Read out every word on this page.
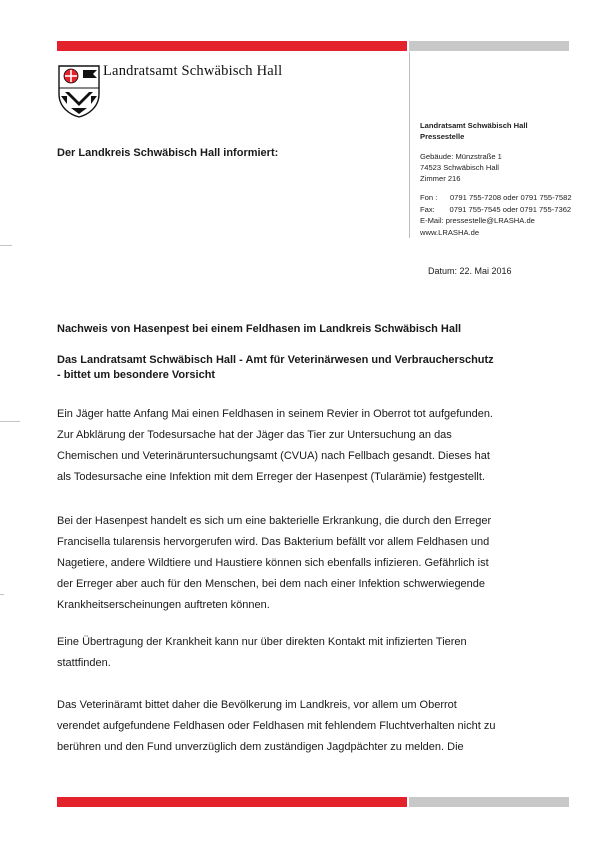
Landratsamt Schwäbisch Hall
Der Landkreis Schwäbisch Hall informiert:
Landratsamt Schwäbisch Hall
Pressestelle
Gebäude: Münzstraße 1
74523 Schwäbisch Hall
Zimmer 216
Fon :      0791 755-7208 oder 0791 755-7582
Fax:       0791 755-7545 oder 0791 755-7362
E-Mail: pressestelle@LRASHA.de
www.LRASHA.de
Datum: 22. Mai 2016
Nachweis von Hasenpest bei einem Feldhasen im Landkreis Schwäbisch Hall
Das Landratsamt Schwäbisch Hall - Amt für Veterinärwesen und Verbraucherschutz
- bittet um besondere Vorsicht
Ein Jäger hatte Anfang Mai einen Feldhasen in seinem Revier in Oberrot tot aufgefunden.
Zur Abklärung der Todesursache hat der Jäger das Tier zur Untersuchung an das
Chemischen und Veterinäruntersuchungsamt (CVUA) nach Fellbach gesandt. Dieses hat
als Todesursache eine Infektion mit dem Erreger der Hasenpest (Tularämie) festgestellt.
Bei der Hasenpest handelt es sich um eine bakterielle Erkrankung, die durch den Erreger
Francisella tularensis hervorgerufen wird. Das Bakterium befällt vor allem Feldhasen und
Nagetiere, andere Wildtiere und Haustiere können sich ebenfalls infizieren. Gefährlich ist
der Erreger aber auch für den Menschen, bei dem nach einer Infektion schwerwiegende
Krankheitserscheinungen auftreten können.
Eine Übertragung der Krankheit kann nur über direkten Kontakt mit infizierten Tieren
stattfinden.
Das Veterinäramt bittet daher die Bevölkerung im Landkreis, vor allem um Oberrot
verendet aufgefundene Feldhasen oder Feldhasen mit fehlendem Fluchtverhalten nicht zu
berühren und den Fund unverzüglich dem zuständigen Jagdpächter zu melden. Die
